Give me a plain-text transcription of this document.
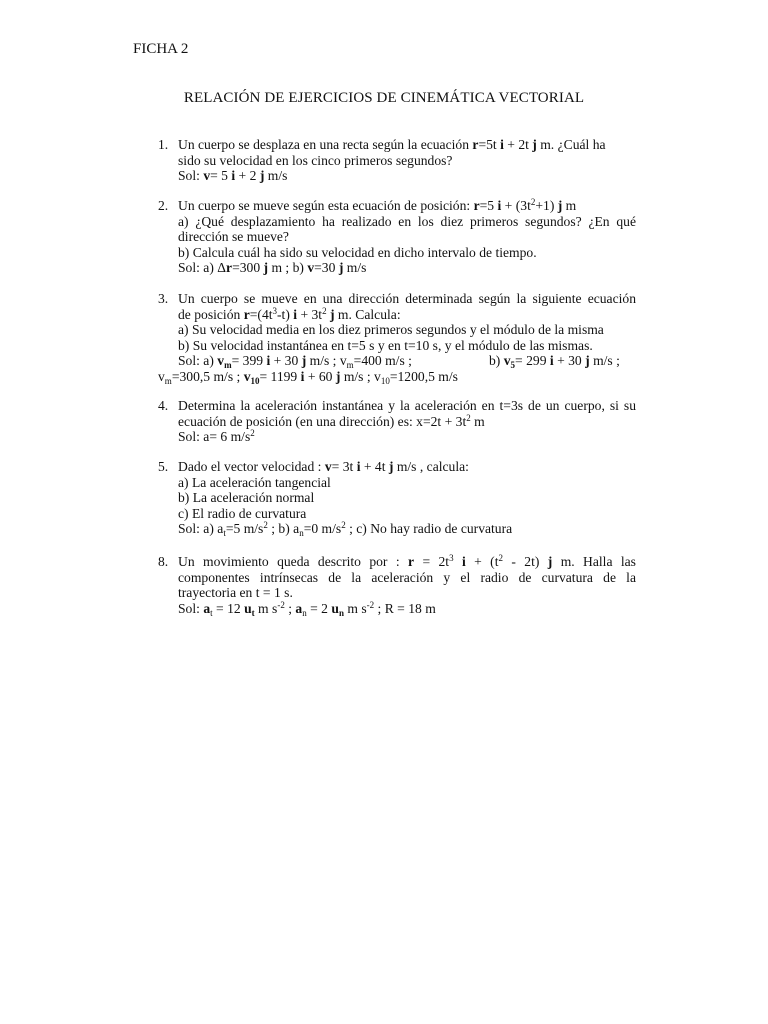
FICHA 2
RELACIÓN DE EJERCICIOS DE CINEMÁTICA VECTORIAL
1. Un cuerpo se desplaza en una recta según la ecuación r=5t i + 2t j m. ¿Cuál ha
sido su velocidad en los cinco primeros segundos?
Sol: v= 5 i + 2 j m/s
2. Un cuerpo se mueve según esta ecuación de posición: r=5 $i + (3t^2+1)$ j m
a) ¿Qué desplazamiento ha realizado en los diez primeros segundos? ¿En qué
dirección se mueve?
b) Calcula cuál ha sido su velocidad en dicho intervalo de tiempo.
Sol: a) Δr=300 j m ; b) v=30 j m/s
3. Un cuerpo se mueve en una dirección determinada según la siguiente ecuación
de posición $r=(4t^3-t) i + 3t^2$ j m. Calcula:
a) Su velocidad media en los diez primeros segundos y el módulo de la misma
b) Su velocidad instantánea en t=5 s y en t=10 s, y el módulo de las mismas.
Sol: a) $v_m= 399$ i + 30 j m/s ; $v_m=400$ m/s ;	b) $v_5= 299$ i + 30 j m/s ;
$v_m=300,5$ m/s ; $v_{10}= 1199$ i + 60 j m/s ; $v_{10}=1200,5$ m/s
4. Determina la aceleración instantánea y la aceleración en t=3s de un cuerpo, si su
ecuación de posición (en una dirección) es: $x=2t + 3t^2$ m
Sol: a= 6 $m/s^2$
5. Dado el vector velocidad : v= 3t i + 4t j m/s , calcula:
a) La aceleración tangencial
b) La aceleración normal
c) El radio de curvatura
Sol: a) $a_t=5$ $m/s^2$ ; b) $a_n=0$ $m/s^2$ ; c) No hay radio de curvatura
8. Un movimiento queda descrito por : $r = 2t^3$ $i + (t^2 - 2t)$ j m. Halla las
componentes intrínsecas de la aceleración y el radio de curvatura de la
trayectoria en t = 1 s.
Sol: $a_t = 12$ $u_t$ m $s^{-2}$ ; $a_n = 2$ $u_n$ m $s^{-2}$ ; R = 18 m
